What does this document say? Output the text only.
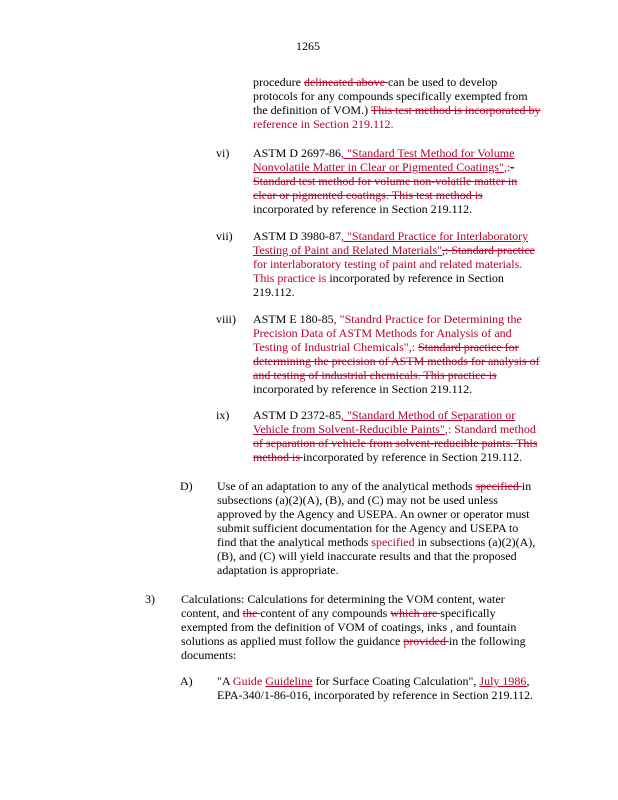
1265
procedure delineated above can be used to develop
protocols for any compounds specifically exempted from
the definition of VOM.) This test method is incorporated by
reference in Section 219.112.
vi) ASTM D 2697-86, "Standard Test Method for Volume
Nonvolatile Matter in Clear or Pigmented Coatings",:-
Standard test method for volume non-volatile matter in
clear or pigmented coatings. This test method is
incorporated by reference in Section 219.112.
vii) ASTM D 3980-87, "Standard Practice for Interlaboratory
Testing of Paint and Related Materials",: Standard practice
for interlaboratory testing of paint and related materials.
This practice is incorporated by reference in Section
219.112.
viii) ASTM E 180-85, "Standrd Practice for Determining the
Precision Data of ASTM Methods for Analysis of and
Testing of Industrial Chemicals",: Standard practice for
determining the precision of ASTM methods for analysis of
and testing of industrial chemicals. This practice is
incorporated by reference in Section 219.112.
ix) ASTM D 2372-85, "Standard Method of Separation or
Vehicle from Solvent-Reducible Paints",: Standard method
of separation of vehicle from solvent-reducible paints. This
method is incorporated by reference in Section 219.112.
D) Use of an adaptation to any of the analytical methods specified in
subsections (a)(2)(A), (B), and (C) may not be used unless
approved by the Agency and USEPA. An owner or operator must
submit sufficient documentation for the Agency and USEPA to
find that the analytical methods specified in subsections (a)(2)(A),
(B), and (C) will yield inaccurate results and that the proposed
adaptation is appropriate.
3) Calculations: Calculations for determining the VOM content, water
content, and the content of any compounds which are specifically
exempted from the definition of VOM of coatings, inks , and fountain
solutions as applied must follow the guidance provided in the following
documents:
A) "A Guide Guideline for Surface Coating Calculation", July 1986,
EPA-340/1-86-016, incorporated by reference in Section 219.112.
